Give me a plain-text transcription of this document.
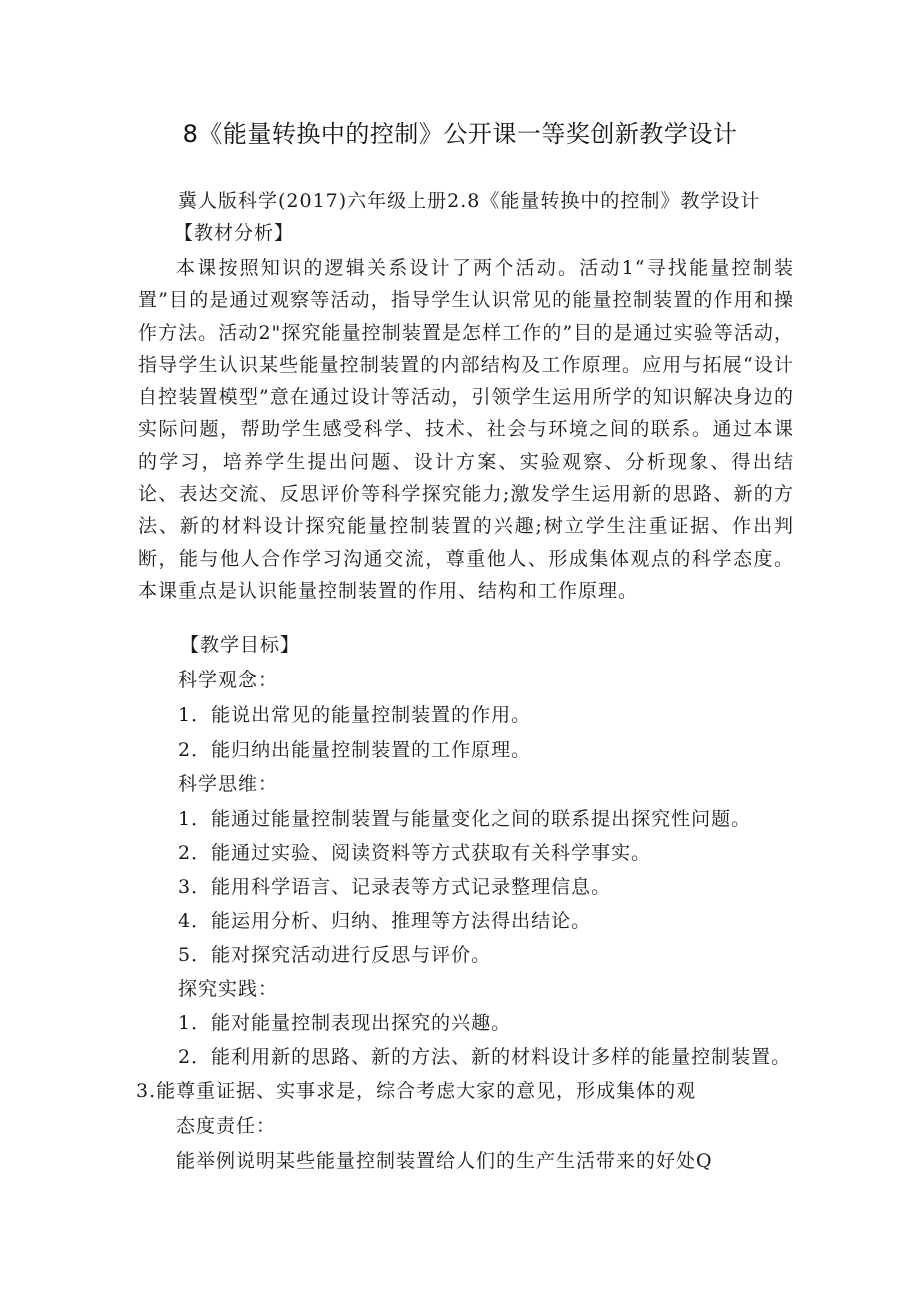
8《能量转换中的控制》公开课一等奖创新教学设计
冀人版科学(2017)六年级上册2.8《能量转换中的控制》教学设计
【教材分析】
本课按照知识的逻辑关系设计了两个活动。活动1“寻找能量控制装置”目的是通过观察等活动，指导学生认识常见的能量控制装置的作用和操作方法。活动2"探究能量控制装置是怎样工作的”目的是通过实验等活动，指导学生认识某些能量控制装置的内部结构及工作原理。应用与拓展“设计自控装置模型”意在通过设计等活动，引领学生运用所学的知识解决身边的实际问题，帮助学生感受科学、技术、社会与环境之间的联系。通过本课的学习，培养学生提出问题、设计方案、实验观察、分析现象、得出结论、表达交流、反思评价等科学探究能力;激发学生运用新的思路、新的方法、新的材料设计探究能量控制装置的兴趣;树立学生注重证据、作出判断，能与他人合作学习沟通交流，尊重他人、形成集体观点的科学态度。本课重点是认识能量控制装置的作用、结构和工作原理。
【教学目标】
科学观念：
1．能说出常见的能量控制装置的作用。
2．能归纳出能量控制装置的工作原理。
科学思维：
1．能通过能量控制装置与能量变化之间的联系提出探究性问题。
2．能通过实验、阅读资料等方式获取有关科学事实。
3．能用科学语言、记录表等方式记录整理信息。
4．能运用分析、归纳、推理等方法得出结论。
5．能对探究活动进行反思与评价。
探究实践：
1．能对能量控制表现出探究的兴趣。
2．能利用新的思路、新的方法、新的材料设计多样的能量控制装置。
3.能尊重证据、实事求是，综合考虑大家的意见，形成集体的观
态度责任：
能举例说明某些能量控制装置给人们的生产生活带来的好处Q
